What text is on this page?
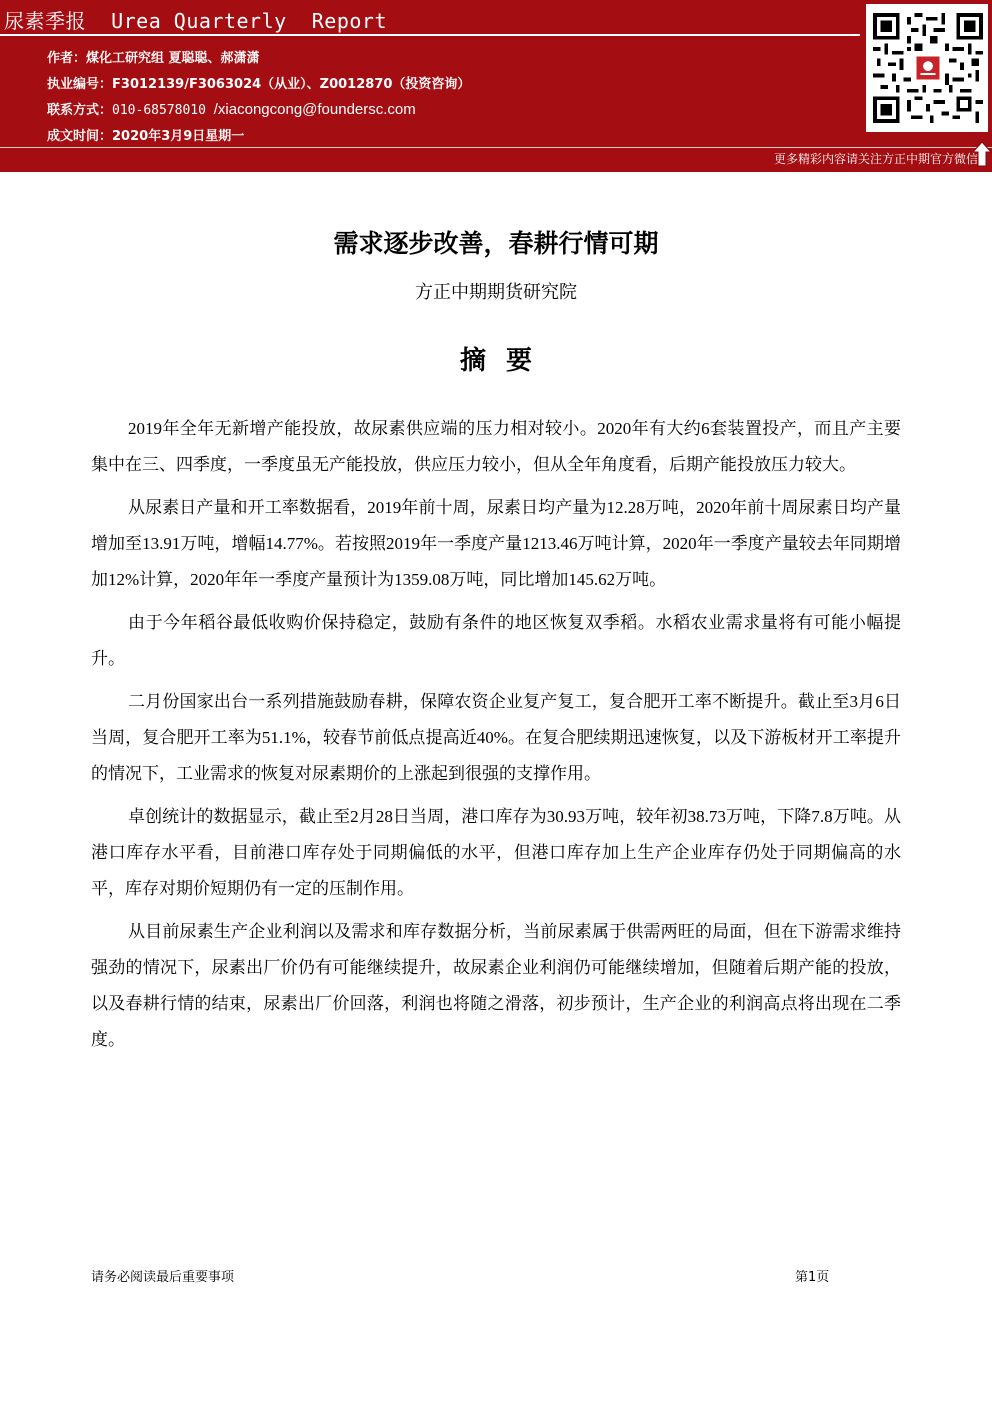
尿素季报  Urea Quarterly  Report
作者：煤化工研究组 夏聪聪、郝潇潇
执业编号：F3012139/F3063024（从业）、Z0012870（投资咨询）
联系方式：010-68578010 /xiacongcong@foundersc.com
成文时间：2020年3月9日星期一
更多精彩内容请关注方正中期官方微信
需求逐步改善，春耕行情可期
方正中期期货研究院
摘要

2019年全年无新增产能投放，故尿素供应端的压力相对较小。2020年有大约6套装置投产，而且产主要集中在三、四季度，一季度虽无产能投放，供应压力较小，但从全年角度看，后期产能投放压力较大。

从尿素日产量和开工率数据看，2019年前十周，尿素日均产量为12.28万吨，2020年前十周尿素日均产量增加至13.91万吨，增幅14.77%。若按照2019年一季度产量1213.46万吨计算，2020年一季度产量较去年同期增加12%计算，2020年年一季度产量预计为1359.08万吨，同比增加145.62万吨。

由于今年稻谷最低收购价保持稳定，鼓励有条件的地区恢复双季稻。水稻农业需求量将有可能小幅提升。

二月份国家出台一系列措施鼓励春耕，保障农资企业复产复工，复合肥开工率不断提升。截止至3月6日当周，复合肥开工率为51.1%，较春节前低点提高近40%。在复合肥续期迅速恢复，以及下游板材开工率提升的情况下，工业需求的恢复对尿素期价的上涨起到很强的支撑作用。

卓创统计的数据显示，截止至2月28日当周，港口库存为30.93万吨，较年初38.73万吨，下降7.8万吨。从港口库存水平看，目前港口库存处于同期偏低的水平，但港口库存加上生产企业库存仍处于同期偏高的水平，库存对期价短期仍有一定的压制作用。

从目前尿素生产企业利润以及需求和库存数据分析，当前尿素属于供需两旺的局面，但在下游需求维持强劲的情况下，尿素出厂价仍有可能继续提升，故尿素企业利润仍可能继续增加，但随着后期产能的投放，以及春耕行情的结束，尿素出厂价回落，利润也将随之滑落，初步预计，生产企业的利润高点将出现在二季度。

请务必阅读最后重要事项	第1页
